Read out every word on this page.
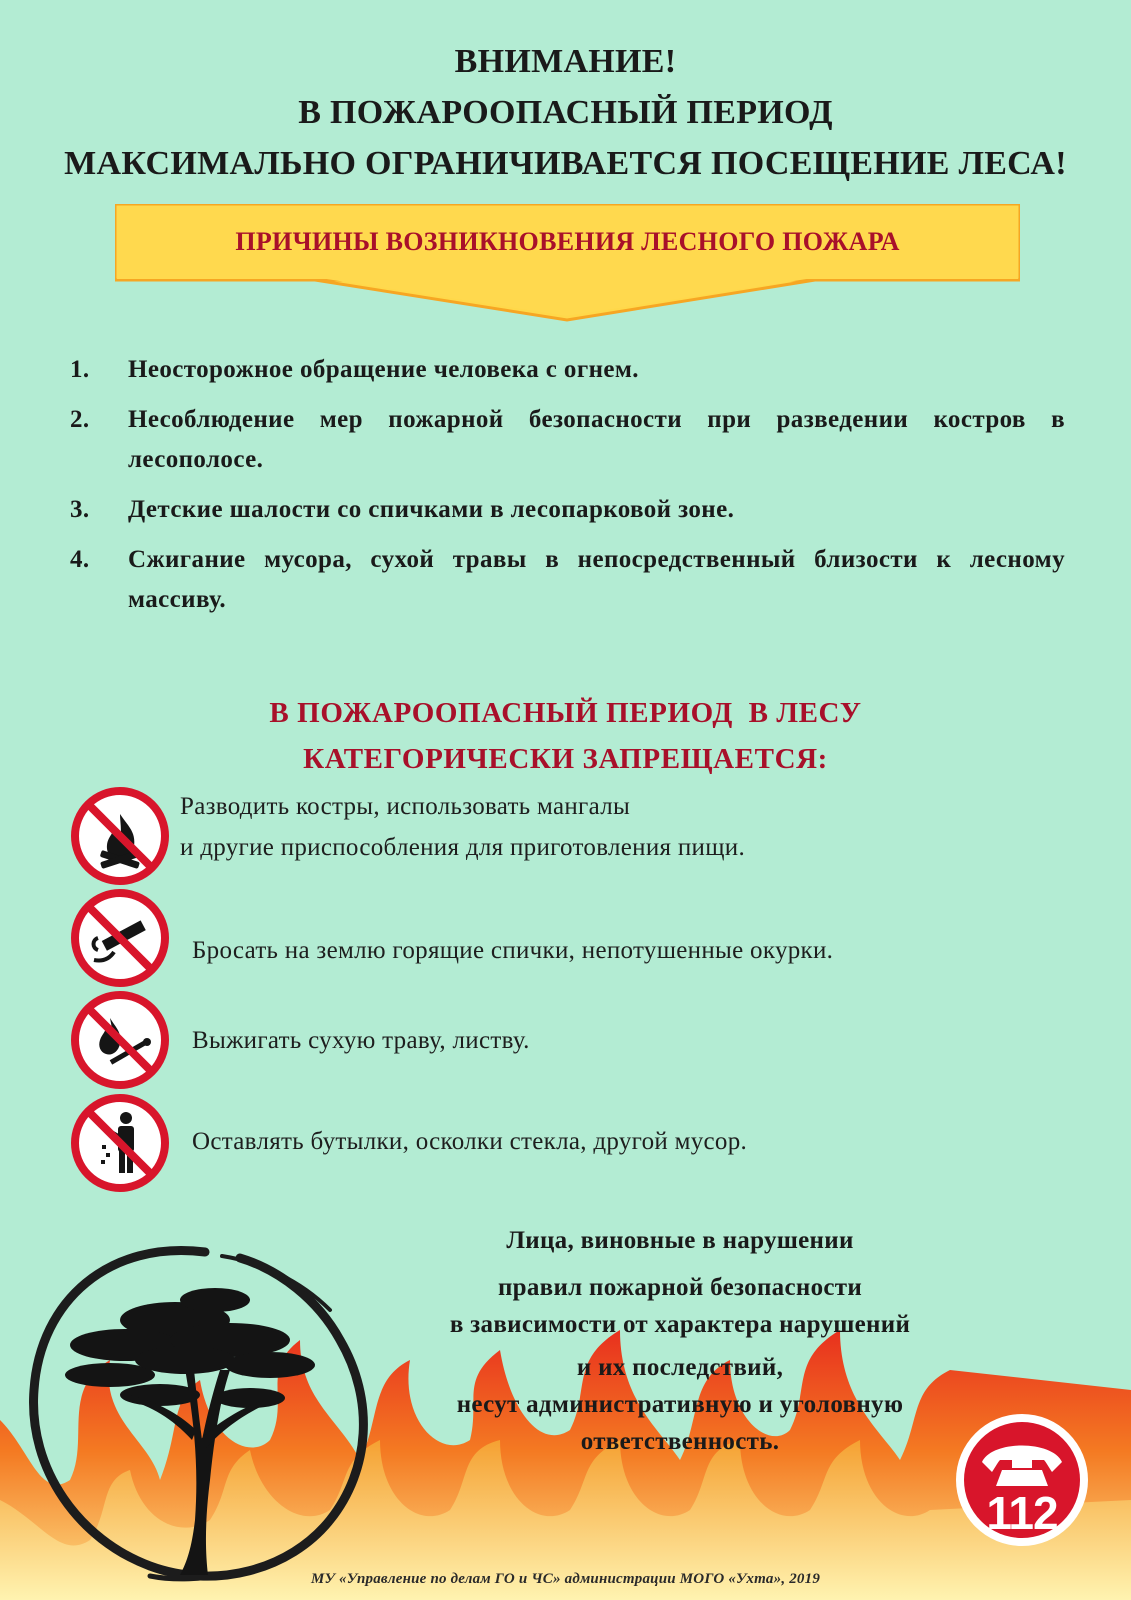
ВНИМАНИЕ!
В ПОЖАРООПАСНЫЙ ПЕРИОД
МАКСИМАЛЬНО ОГРАНИЧИВАЕТСЯ ПОСЕЩЕНИЕ ЛЕСА!
ПРИЧИНЫ ВОЗНИКНОВЕНИЯ ЛЕСНОГО ПОЖАРА
1.	Неосторожное обращение человека с огнем.
2.	Несоблюдение мер пожарной безопасности при разведении костров в лесополосе.
3.	Детские шалости со спичками в лесопарковой зоне.
4.	Сжигание мусора, сухой травы в непосредственный близости к лесному массиву.
В ПОЖАРООПАСНЫЙ ПЕРИОД  В ЛЕСУ
КАТЕГОРИЧЕСКИ ЗАПРЕЩАЕТСЯ:
Разводить костры, использовать мангалы
и другие приспособления для приготовления пищи.
Бросать на землю горящие спички, непотушенные окурки.
Выжигать сухую траву, листву.
Оставлять бутылки, осколки стекла, другой мусор.
Лица, виновные в нарушении
правил пожарной безопасности
в зависимости от характера нарушений
и их последствий,
несут административную и уголовную
ответственность.
112
МУ «Управление по делам ГО и ЧС» администрации МОГО «Ухта», 2019
